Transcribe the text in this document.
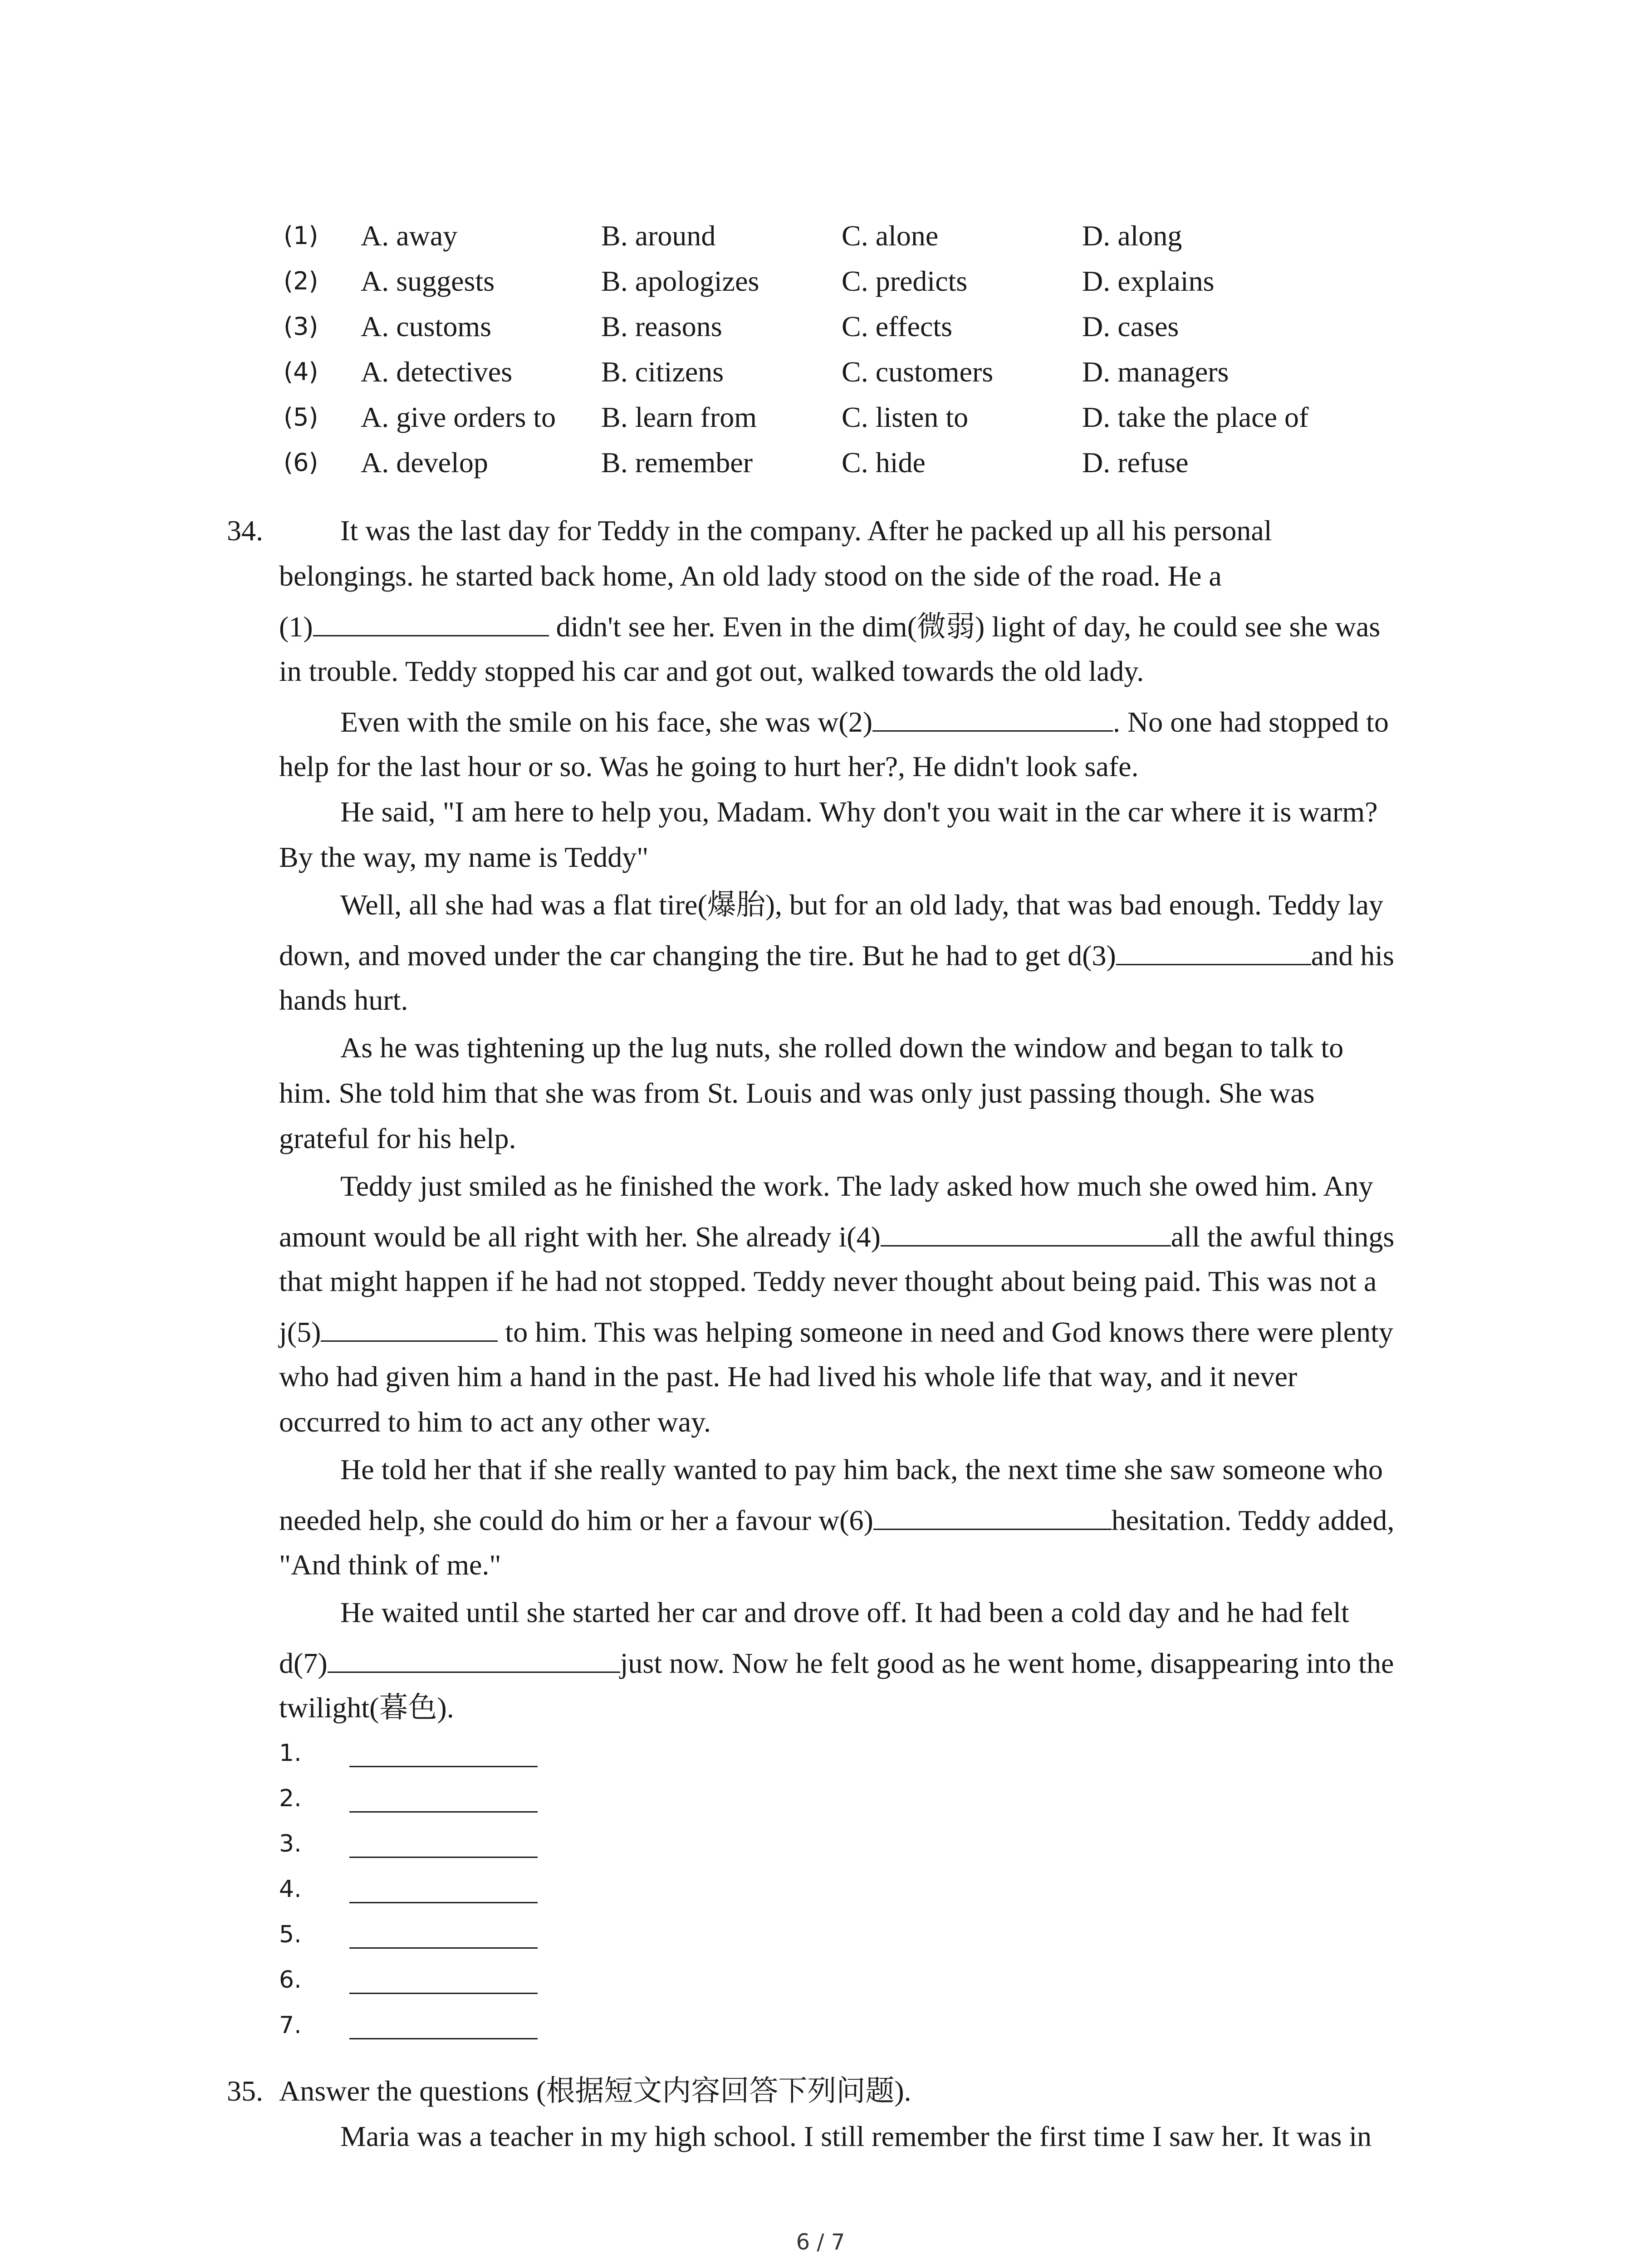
(1) A. away	B. around	C. alone	D. along
(2) A. suggests	B. apologizes	C. predicts	D. explains
(3) A. customs	B. reasons	C. effects	D. cases
(4) A. detectives	B. citizens	C. customers	D. managers
(5) A. give orders to B. learn from	C. listen to	D. take the place of
(6) A. develop	B. remember	C. hide	D. refuse
34.	It was the last day for Teddy in the company. After he packed up all his personal
belongings. he started back home, An old lady stood on the side of the road. He a
(1)	didn't see her. Even in the dim(微弱) light of day, he could see she was
in trouble. Teddy stopped his car and got out, walked towards the old lady.
Even with the smile on his face, she was w(2)	. No one had stopped to
help for the last hour or so. Was he going to hurt her?, He didn't look safe.
He said, "I am here to help you, Madam. Why don't you wait in the car where it is warm?
By the way, my name is Teddy"
Well, all she had was a flat tire(爆胎), but for an old lady, that was bad enough. Teddy lay
down, and moved under the car changing the tire. But he had to get d(3)	and his
hands hurt.
As he was tightening up the lug nuts, she rolled down the window and began to talk to
him. She told him that she was from St. Louis and was only just passing though. She was
grateful for his help.
Teddy just smiled as he finished the work. The lady asked how much she owed him. Any
amount would be all right with her. She already i(4)	all the awful things
that might happen if he had not stopped. Teddy never thought about being paid. This was not a
j(5)	to him. This was helping someone in need and God knows there were plenty
who had given him a hand in the past. He had lived his whole life that way, and it never
occurred to him to act any other way.
He told her that if she really wanted to pay him back, the next time she saw someone who
needed help, she could do him or her a favour w(6)	hesitation. Teddy added,
"And think of me."
He waited until she started her car and drove off. It had been a cold day and he had felt
d(7)	just now. Now he felt good as he went home, disappearing into the
twilight(暮色).
1.
2.
3.
4.
5.
6.
7.
35. Answer the questions (根据短文内容回答下列问题).
Maria was a teacher in my high school. I still remember the first time I saw her. It was in
6 / 7
